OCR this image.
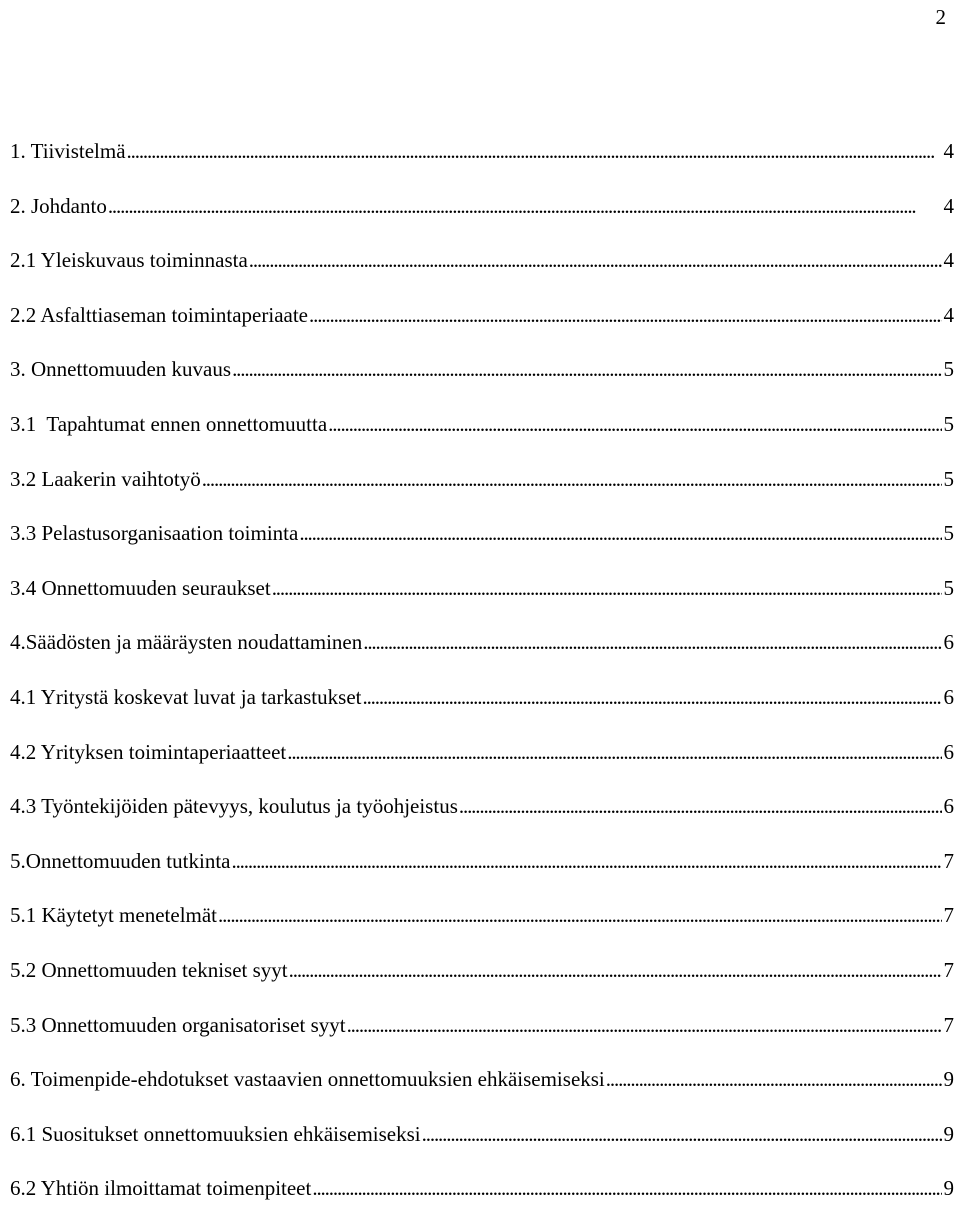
2
1. Tiivistelmä . . .	4
2. Johdanto . . .	4
2.1 Yleiskuvaus toiminnasta . . .	4
2.2 Asfalttiaseman toimintaperiaate . . .	4
3. Onnettomuuden kuvaus . . .	5
3.1  Tapahtumat ennen onnettomuutta . . .	5
3.2 Laakerin vaihtotyö . . .	5
3.3 Pelastusorganisaation toiminta . . .	5
3.4 Onnettomuuden seuraukset . . .	5
4.Säädösten ja määräysten noudattaminen . . .	6
4.1 Yritystä koskevat luvat ja tarkastukset . . .	6
4.2 Yrityksen toimintaperiaatteet . . .	6
4.3 Työntekijöiden pätevyys, koulutus ja työohjeistus . . .	6
5.Onnettomuuden tutkinta . . .	7
5.1 Käytetyt menetelmät . . .	7
5.2 Onnettomuuden tekniset syyt . . .	7
5.3 Onnettomuuden organisatoriset syyt . . .	7
6. Toimenpide-ehdotukset vastaavien onnettomuuksien ehkäisemiseksi . . .	9
6.1 Suositukset onnettomuuksien ehkäisemiseksi . . .	9
6.2 Yhtiön ilmoittamat toimenpiteet . . .	9
